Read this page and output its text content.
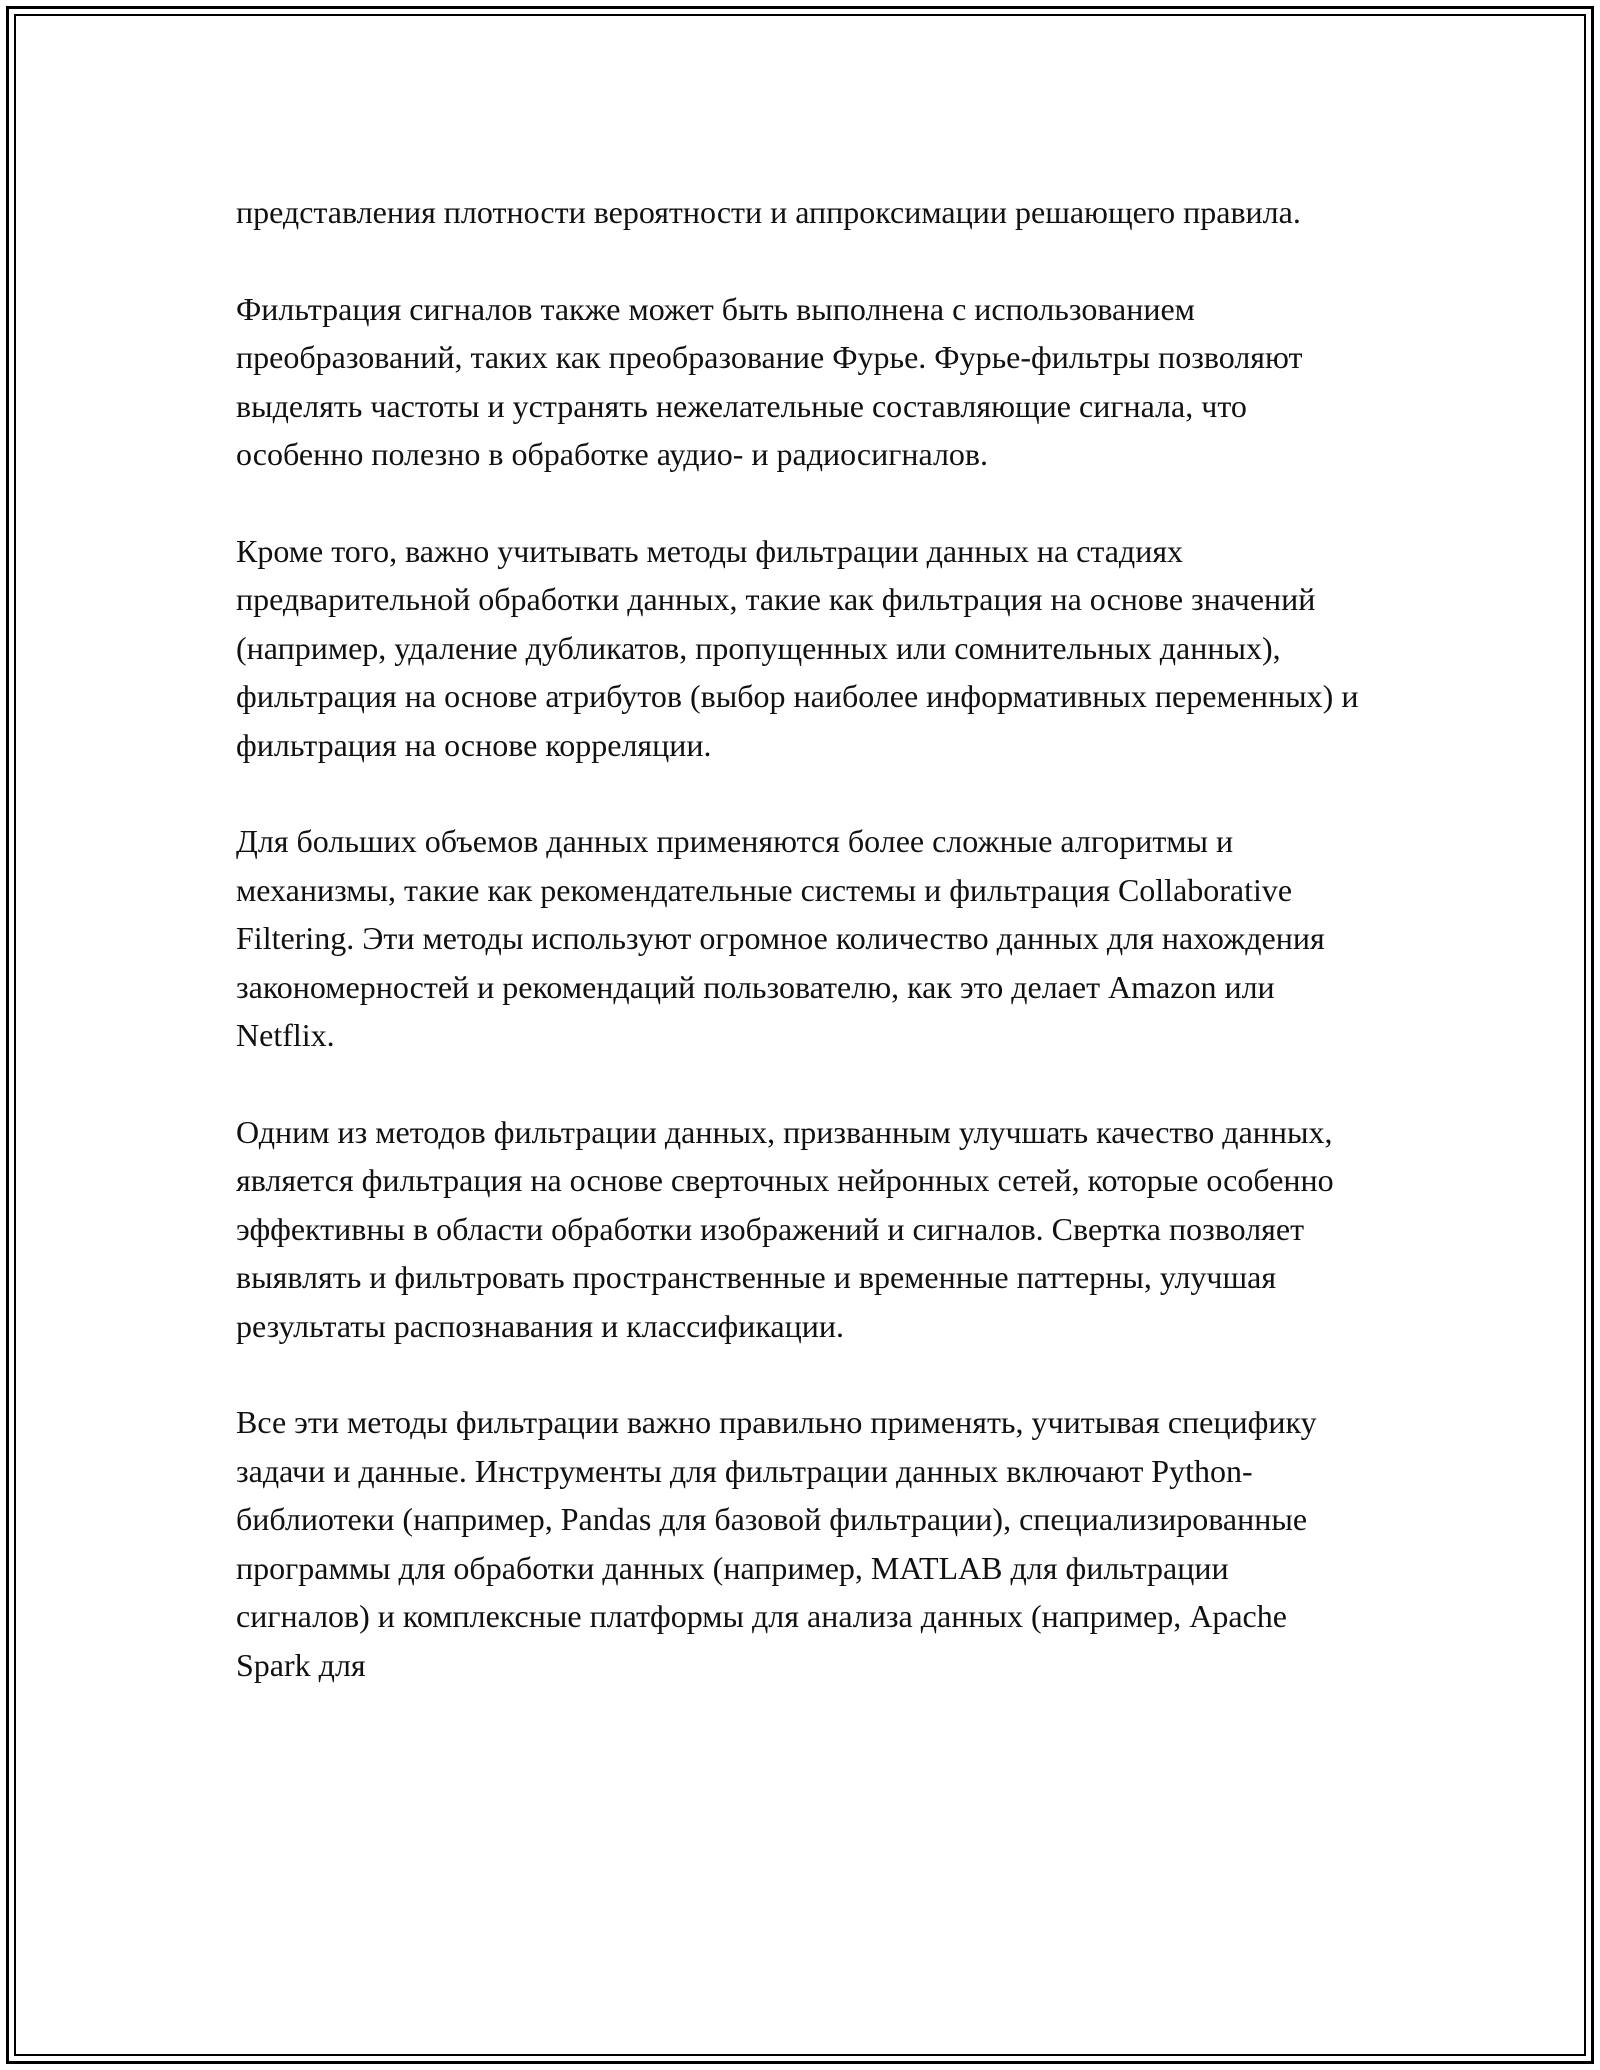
представления плотности вероятности и аппроксимации решающего правила.

Фильтрация сигналов также может быть выполнена с использованием преобразований, таких как преобразование Фурье. Фурье-фильтры позволяют выделять частоты и устранять нежелательные составляющие сигнала, что особенно полезно в обработке аудио- и радиосигналов.

Кроме того, важно учитывать методы фильтрации данных на стадиях предварительной обработки данных, такие как фильтрация на основе значений (например, удаление дубликатов, пропущенных или сомнительных данных), фильтрация на основе атрибутов (выбор наиболее информативных переменных) и фильтрация на основе корреляции.

Для больших объемов данных применяются более сложные алгоритмы и механизмы, такие как рекомендательные системы и фильтрация Collaborative Filtering. Эти методы используют огромное количество данных для нахождения закономерностей и рекомендаций пользователю, как это делает Amazon или Netflix.

Одним из методов фильтрации данных, призванным улучшать качество данных, является фильтрация на основе сверточных нейронных сетей, которые особенно эффективны в области обработки изображений и сигналов. Свертка позволяет выявлять и фильтровать пространственные и временные паттерны, улучшая результаты распознавания и классификации.

Все эти методы фильтрации важно правильно применять, учитывая специфику задачи и данные. Инструменты для фильтрации данных включают Python-библиотеки (например, Pandas для базовой фильтрации), специализированные программы для обработки данных (например, MATLAB для фильтрации сигналов) и комплексные платформы для анализа данных (например, Apache Spark для
